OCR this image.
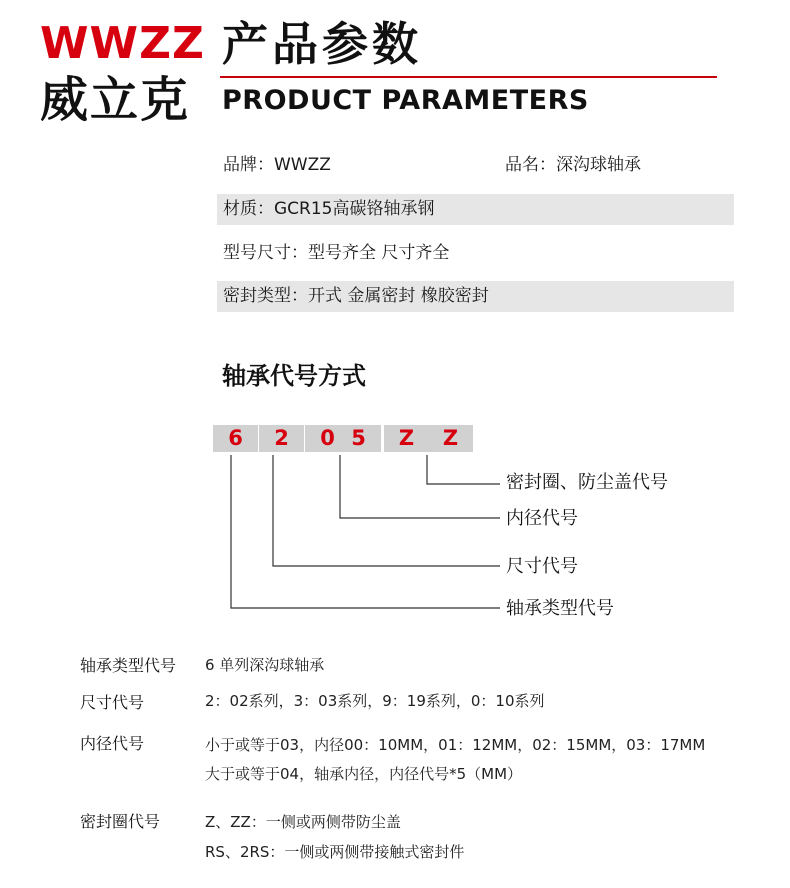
WWZZ
威立克
产品参数
PRODUCT PARAMETERS
品牌：WWZZ	品名：深沟球轴承
材质：GCR15高碳铬轴承钢
型号尺寸：型号齐全 尺寸齐全
密封类型：开式 金属密封 橡胶密封
轴承代号方式
6	2	0 5	Z	Z
密封圈、防尘盖代号
内径代号
尺寸代号
轴承类型代号
轴承类型代号 6 单列深沟球轴承
尺寸代号	2：02系列，3：03系列，9：19系列，0：10系列
内径代号	小于或等于03，内径00：10MM，01：12MM，02：15MM，03：17MM
大于或等于04，轴承内径，内径代号*5（MM）
密封圈代号	Z、ZZ：一侧或两侧带防尘盖
RS、2RS：一侧或两侧带接触式密封件
